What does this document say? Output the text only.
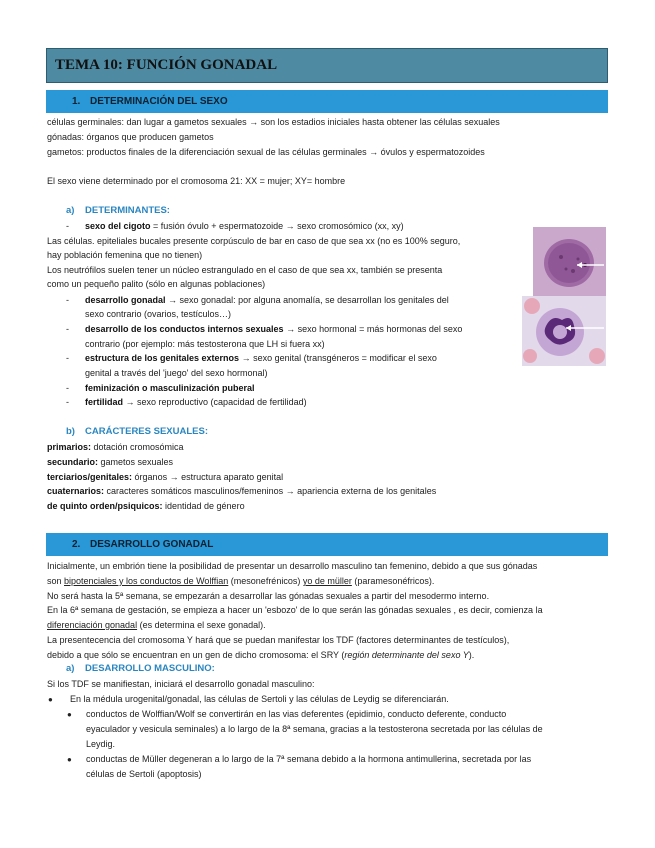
TEMA 10: FUNCIÓN GONADAL
1. DETERMINACIÓN DEL SEXO
células germinales: dan lugar a gametos sexuales → son los estadios iniciales hasta obtener las células sexuales
gónadas: órganos que producen gametos
gametos: productos finales de la diferenciación sexual de las células germinales → óvulos y espermatozoides
El sexo viene determinado por el cromosoma 21: XX = mujer; XY= hombre
a) DETERMINANTES:
- sexo del cigoto = fusión óvulo + espermatozoide → sexo cromosómico (xx, xy)
Las células. epiteliales bucales presente corpúsculo de bar en caso de que sea xx (no es 100% seguro,
hay población femenina que no tienen)
Los neutrófilos suelen tener un núcleo estrangulado en el caso de que sea xx, también se presenta
como un pequeño palito (sólo en algunas poblaciones)
- desarrollo gonadal → sexo gonadal: por alguna anomalía, se desarrollan los genitales del
sexo contrario (ovarios, testículos…)
- desarrollo de los conductos internos sexuales → sexo hormonal = más hormonas del sexo
contrario (por ejemplo: más testosterona que LH si fuera xx)
- estructura de los genitales externos → sexo genital (transgéneros = modificar el sexo
genital a través del 'juego' del sexo hormonal)
- feminización o masculinización puberal
- fertilidad → sexo reproductivo (capacidad de fertilidad)
b) CARÁCTERES SEXUALES:
primarios: dotación cromosómica
secundario: gametos sexuales
terciarios/genitales: órganos → estructura aparato genital
cuaternarios: caracteres somáticos masculinos/femeninos → apariencia externa de los genitales
de quinto orden/psiquicos: identidad de género
2. DESARROLLO GONADAL
Inicialmente, un embrión tiene la posibilidad de presentar un desarrollo masculino tan femenino, debido a que sus gónadas
son bipotenciales y los conductos de Wolffian (mesonefrénicos) yo de müller (paramesonéfricos).
No será hasta la 5ª semana, se empezarán a desarrollar las gónadas sexuales a partir del mesodermo interno.
En la 6ª semana de gestación, se empieza a hacer un 'esbozo' de lo que serán las gónadas sexuales , es decir, comienza la
diferenciación gonadal (es determina el sexe gonadal).
La presentecencia del cromosoma Y hará que se puedan manifestar los TDF (factores determinantes de testículos),
debido a que sólo se encuentran en un gen de dicho cromosoma: el SRY (región determinante del sexo Y).
a) DESARROLLO MASCULINO:
Si los TDF se manifiestan, iniciará el desarrollo gonadal masculino:
● En la médula urogenital/gonadal, las células de Sertoli y las células de Leydig se diferenciarán.
● conductos de Wolffian/Wolf se convertirán en las vias deferentes (epidimio, conducto deferente, conducto
eyaculador y vesicula seminales) a lo largo de la 8ª semana, gracias a la testosterona secretada por las células de
Leydig.
● conductas de Müller degeneran a lo largo de la 7ª semana debido a la hormona antimullerina, secretada por las
células de Sertoli (apoptosis)
